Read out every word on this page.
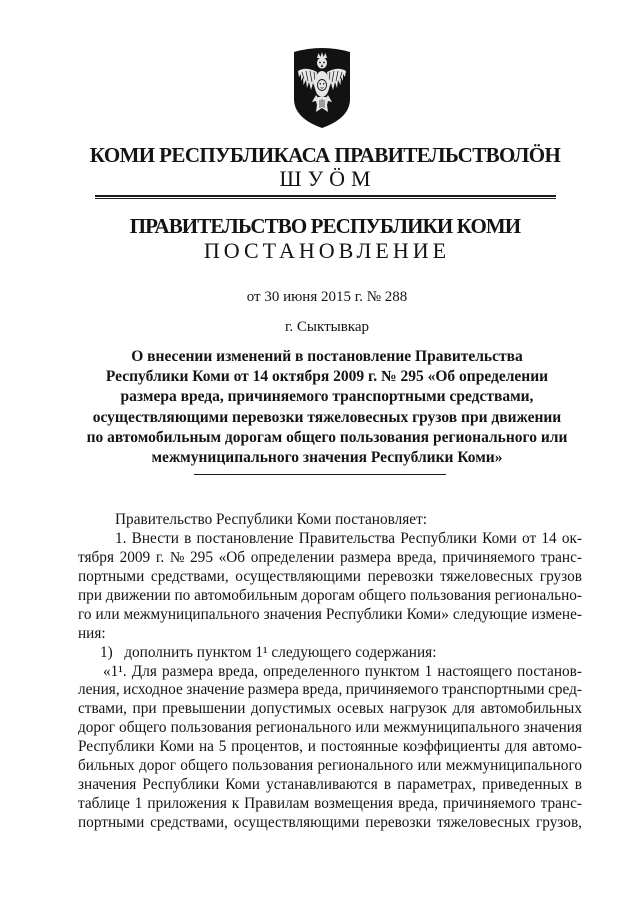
КОМИ РЕСПУБЛИКАСА ПРАВИТЕЛЬСТВОЛÖН
ШУÖМ
ПРАВИТЕЛЬСТВО РЕСПУБЛИКИ КОМИ
ПОСТАНОВЛЕНИЕ
от 30 июня 2015 г. № 288
г. Сыктывкар
О внесении изменений в постановление Правительства
Республики Коми от 14 октября 2009 г. № 295 «Об определении
размера вреда, причиняемого транспортными средствами,
осуществляющими перевозки тяжеловесных грузов при движении
по автомобильным дорогам общего пользования регионального или
межмуниципального значения Республики Коми»
Правительство Республики Коми постановляет:
1. Внести в постановление Правительства Республики Коми от 14 ок-
тября 2009 г. № 295 «Об определении размера вреда, причиняемого транс-
портными средствами, осуществляющими перевозки тяжеловесных грузов
при движении по автомобильным дорогам общего пользования регионально-
го или межмуниципального значения Республики Коми» следующие измене-
ния:
1)   дополнить пунктом 1¹ следующего содержания:
«1¹. Для размера вреда, определенного пунктом 1 настоящего постанов-
ления, исходное значение размера вреда, причиняемого транспортными сред-
ствами, при превышении допустимых осевых нагрузок для автомобильных
дорог общего пользования регионального или межмуниципального значения
Республики Коми на 5 процентов, и постоянные коэффициенты для автомо-
бильных дорог общего пользования регионального или межмуниципального
значения Республики Коми устанавливаются в параметрах, приведенных в
таблице 1 приложения к Правилам возмещения вреда, причиняемого транс-
портными средствами, осуществляющими перевозки тяжеловесных грузов,
